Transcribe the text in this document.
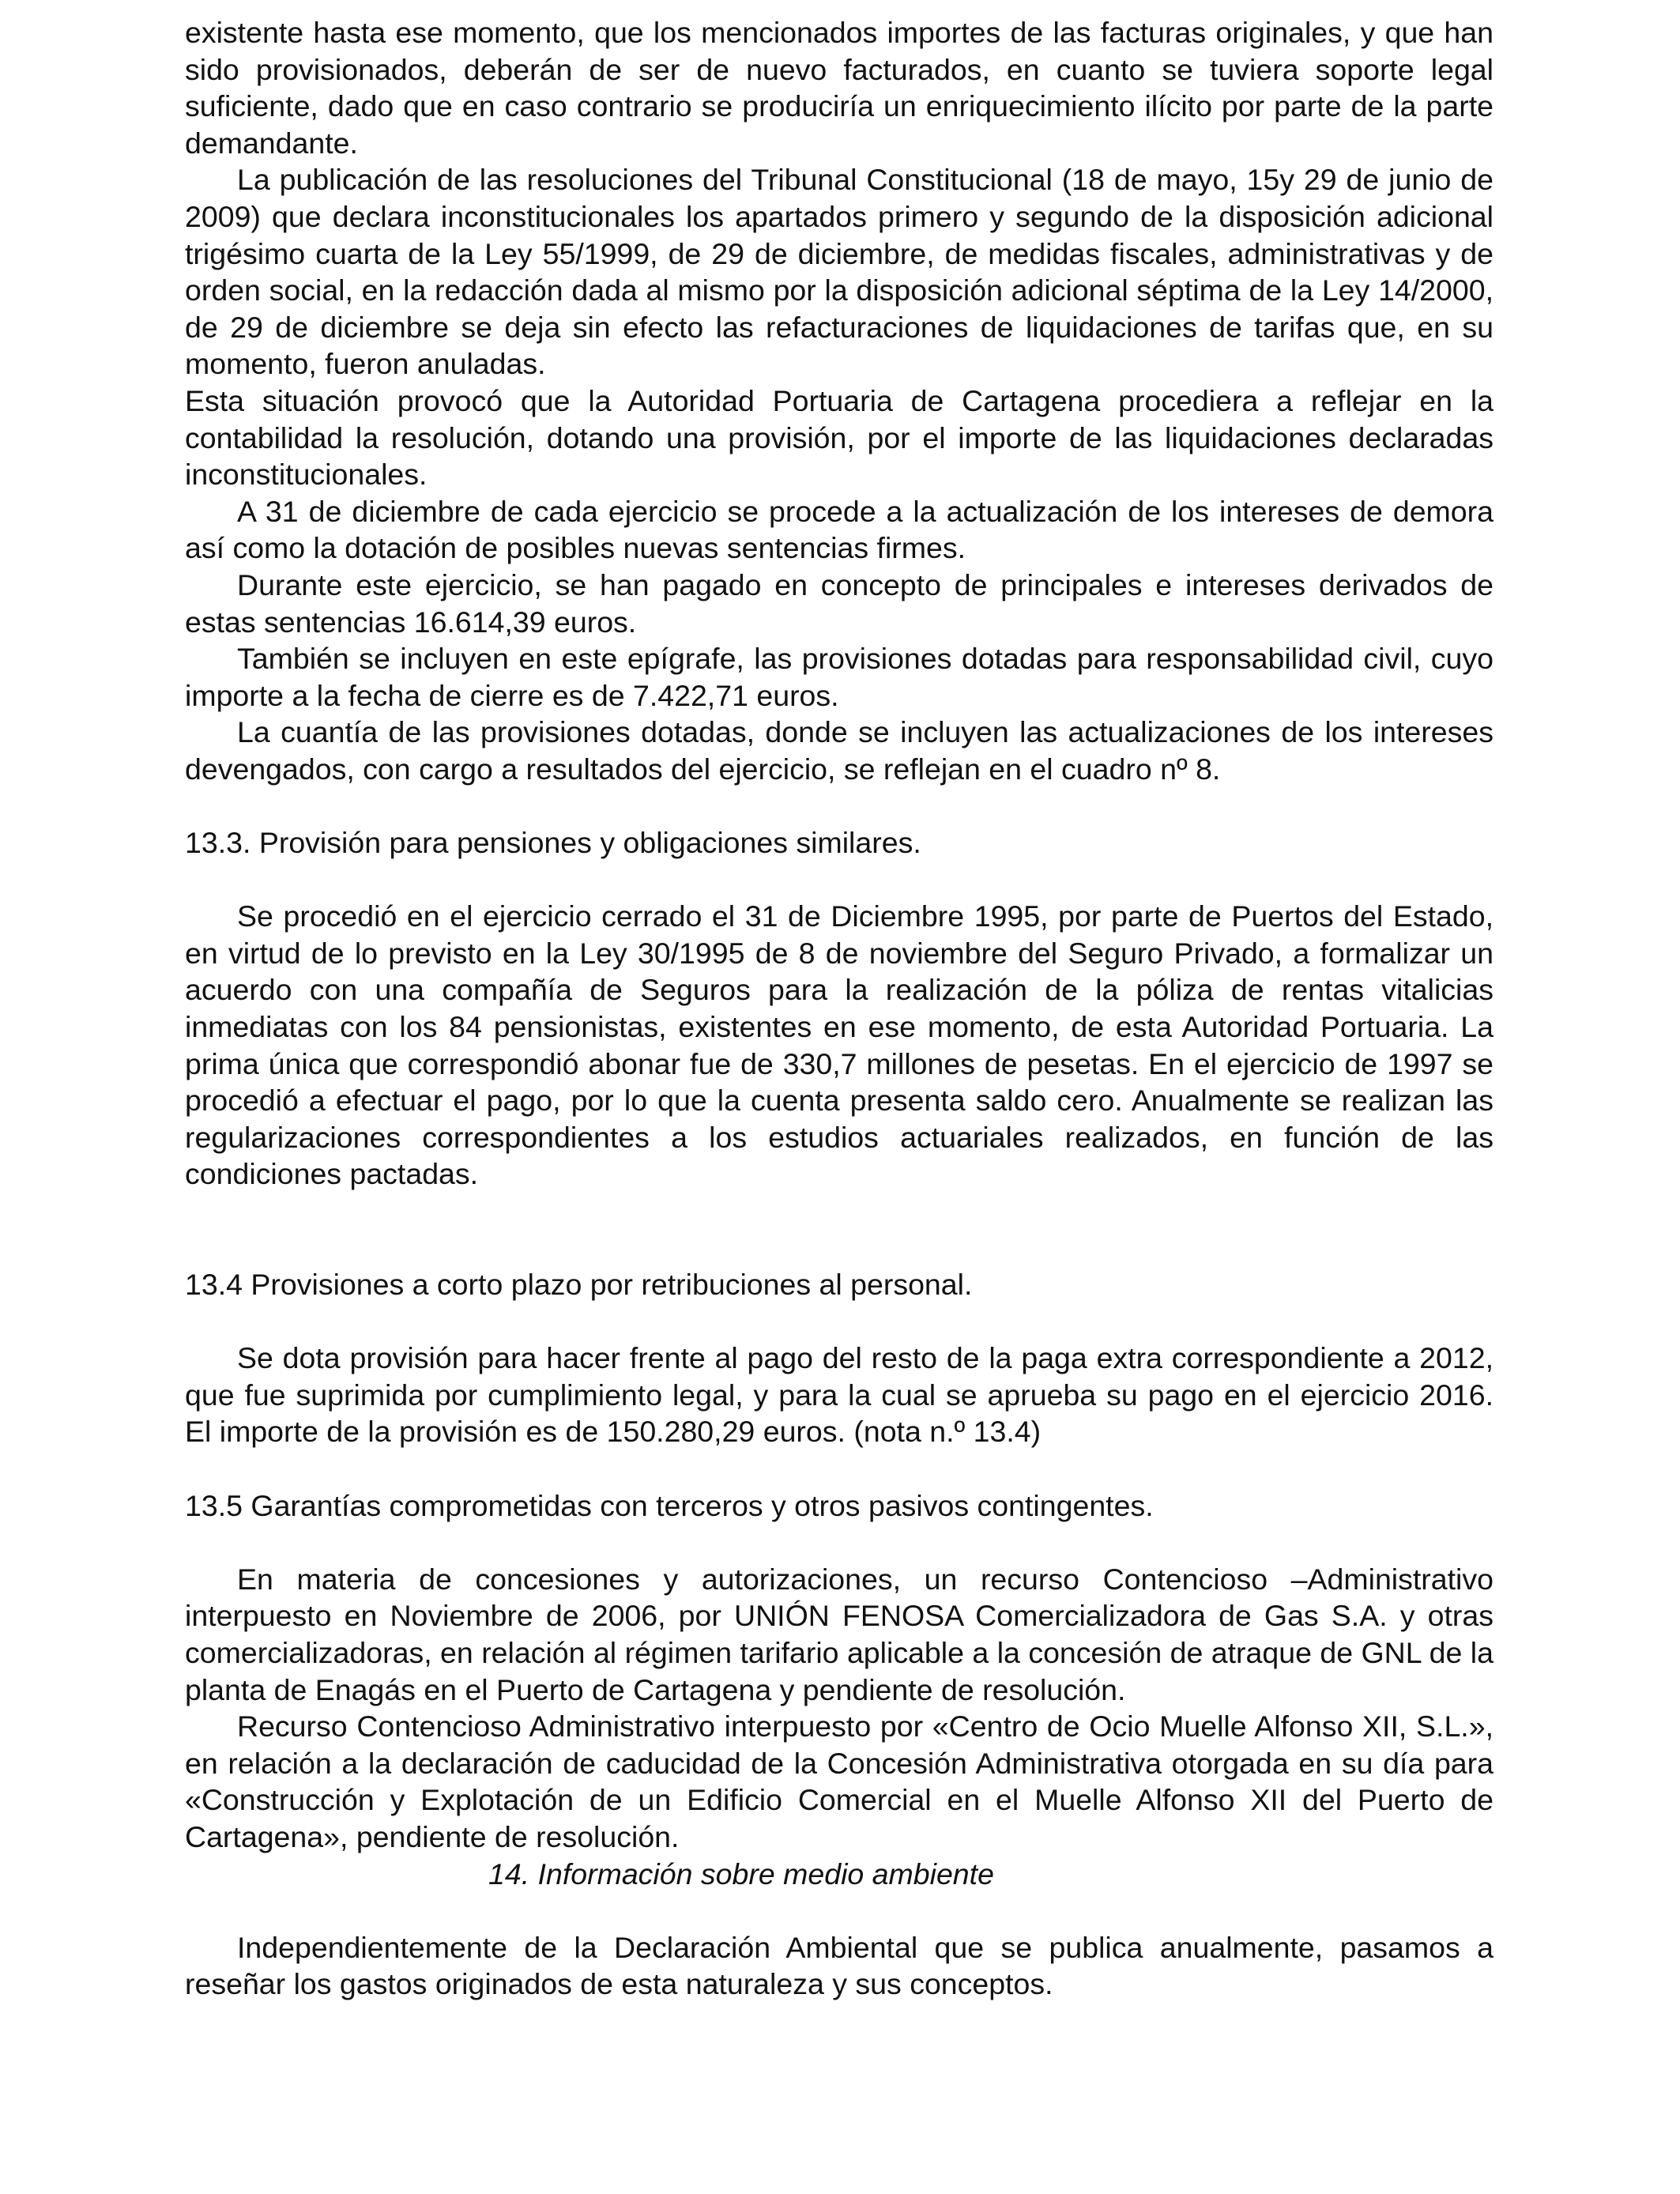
existente hasta ese momento, que los mencionados importes de las facturas originales, y que han sido provisionados, deberán de ser de nuevo facturados, en cuanto se tuviera soporte legal suficiente, dado que en caso contrario se produciría un enriquecimiento ilícito por parte de la parte demandante.

La publicación de las resoluciones del Tribunal Constitucional (18 de mayo, 15y 29 de junio de 2009) que declara inconstitucionales los apartados primero y segundo de la disposición adicional trigésimo cuarta de la Ley 55/1999, de 29 de diciembre, de medidas fiscales, administrativas y de orden social, en la redacción dada al mismo por la disposición adicional séptima de la Ley 14/2000, de 29 de diciembre se deja sin efecto las refacturaciones de liquidaciones de tarifas que, en su momento, fueron anuladas.

Esta situación provocó que la Autoridad Portuaria de Cartagena procediera a reflejar en la contabilidad la resolución, dotando una provisión, por el importe de las liquidaciones declaradas inconstitucionales.

A 31 de diciembre de cada ejercicio se procede a la actualización de los intereses de demora así como la dotación de posibles nuevas sentencias firmes.

Durante este ejercicio, se han pagado en concepto de principales e intereses derivados de estas sentencias 16.614,39 euros.

También se incluyen en este epígrafe, las provisiones dotadas para responsabilidad civil, cuyo importe a la fecha de cierre es de 7.422,71 euros.

La cuantía de las provisiones dotadas, donde se incluyen las actualizaciones de los intereses devengados, con cargo a resultados del ejercicio, se reflejan en el cuadro nº 8.

13.3. Provisión para pensiones y obligaciones similares.

Se procedió en el ejercicio cerrado el 31 de Diciembre 1995, por parte de Puertos del Estado, en virtud de lo previsto en la Ley 30/1995 de 8 de noviembre del Seguro Privado, a formalizar un acuerdo con una compañía de Seguros para la realización de la póliza de rentas vitalicias inmediatas con los 84 pensionistas, existentes en ese momento, de esta Autoridad Portuaria. La prima única que correspondió abonar fue de 330,7 millones de pesetas. En el ejercicio de 1997 se procedió a efectuar el pago, por lo que la cuenta presenta saldo cero. Anualmente se realizan las regularizaciones correspondientes a los estudios actuariales realizados, en función de las condiciones pactadas.

13.4 Provisiones a corto plazo por retribuciones al personal.

Se dota provisión para hacer frente al pago del resto de la paga extra correspondiente a 2012, que fue suprimida por cumplimiento legal, y para la cual se aprueba su pago en el ejercicio 2016. El importe de la provisión es de 150.280,29 euros. (nota n.º 13.4)

13.5 Garantías comprometidas con terceros y otros pasivos contingentes.

En materia de concesiones y autorizaciones, un recurso Contencioso –Administrativo interpuesto en Noviembre de 2006, por UNIÓN FENOSA Comercializadora de Gas S.A. y otras comercializadoras, en relación al régimen tarifario aplicable a la concesión de atraque de GNL de la planta de Enagás en el Puerto de Cartagena y pendiente de resolución.

Recurso Contencioso Administrativo interpuesto por «Centro de Ocio Muelle Alfonso XII, S.L.», en relación a la declaración de caducidad de la Concesión Administrativa otorgada en su día para «Construcción y Explotación de un Edificio Comercial en el Muelle Alfonso XII del Puerto de Cartagena», pendiente de resolución.

14. Información sobre medio ambiente

Independientemente de la Declaración Ambiental que se publica anualmente, pasamos a reseñar los gastos originados de esta naturaleza y sus conceptos.
